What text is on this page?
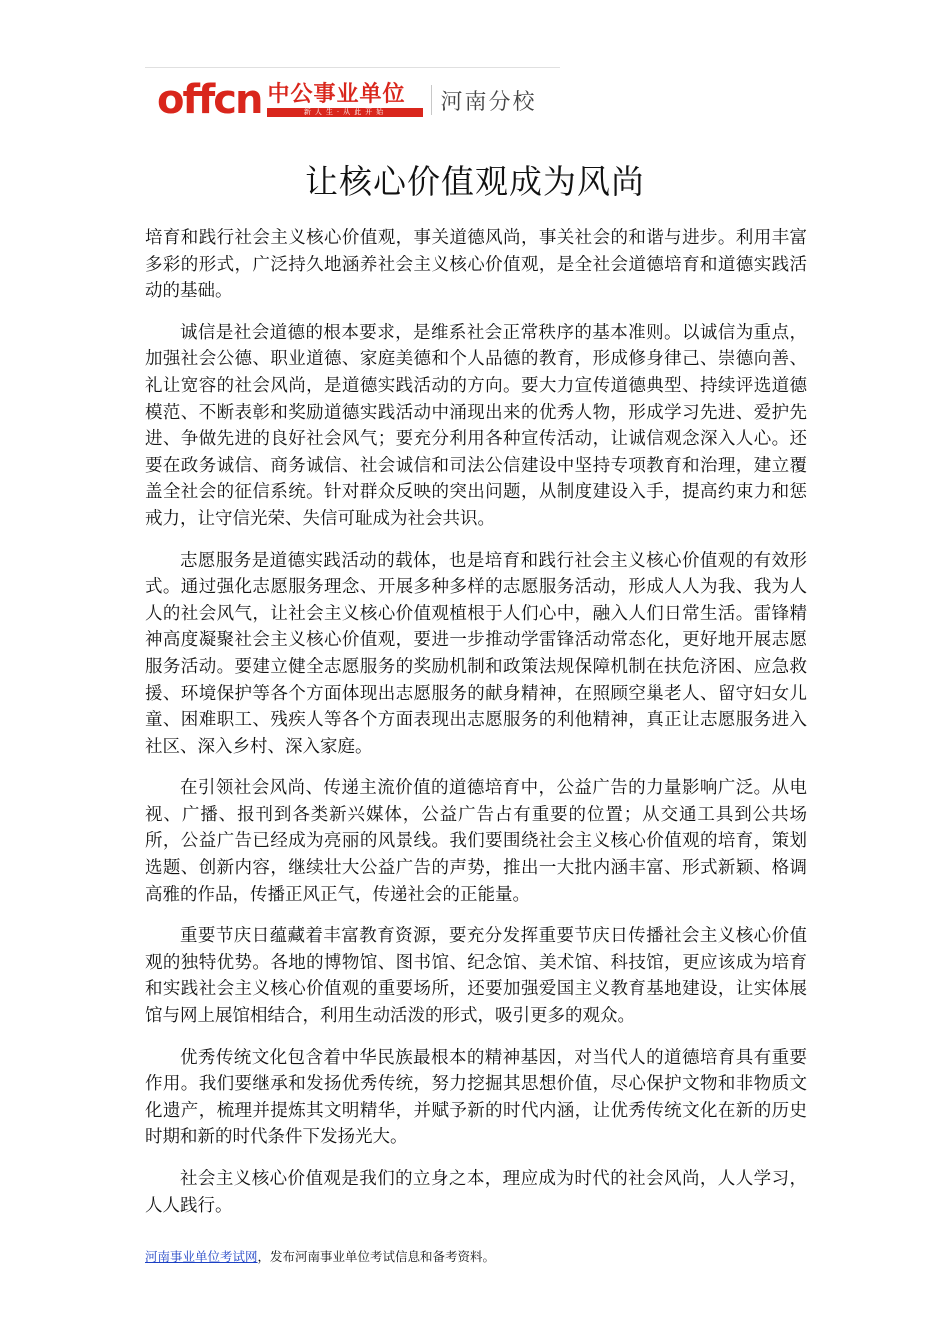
offcn 中公事业单位
新人生·从此开始	河南分校
让核心价值观成为风尚

培育和践行社会主义核心价值观，事关道德风尚，事关社会的和谐与进步。利用丰富多彩的形式，广泛持久地涵养社会主义核心价值观，是全社会道德培育和道德实践活动的基础。

诚信是社会道德的根本要求，是维系社会正常秩序的基本准则。以诚信为重点，加强社会公德、职业道德、家庭美德和个人品德的教育，形成修身律己、崇德向善、礼让宽容的社会风尚，是道德实践活动的方向。要大力宣传道德典型、持续评选道德模范、不断表彰和奖励道德实践活动中涌现出来的优秀人物，形成学习先进、爱护先进、争做先进的良好社会风气；要充分利用各种宣传活动，让诚信观念深入人心。还要在政务诚信、商务诚信、社会诚信和司法公信建设中坚持专项教育和治理，建立覆盖全社会的征信系统。针对群众反映的突出问题，从制度建设入手，提高约束力和惩戒力，让守信光荣、失信可耻成为社会共识。

志愿服务是道德实践活动的载体，也是培育和践行社会主义核心价值观的有效形式。通过强化志愿服务理念、开展多种多样的志愿服务活动，形成人人为我、我为人人的社会风气，让社会主义核心价值观植根于人们心中，融入人们日常生活。雷锋精神高度凝聚社会主义核心价值观，要进一步推动学雷锋活动常态化，更好地开展志愿服务活动。要建立健全志愿服务的奖励机制和政策法规保障机制在扶危济困、应急救援、环境保护等各个方面体现出志愿服务的献身精神，在照顾空巢老人、留守妇女儿童、困难职工、残疾人等各个方面表现出志愿服务的利他精神，真正让志愿服务进入社区、深入乡村、深入家庭。

在引领社会风尚、传递主流价值的道德培育中，公益广告的力量影响广泛。从电视、广播、报刊到各类新兴媒体，公益广告占有重要的位置；从交通工具到公共场所，公益广告已经成为亮丽的风景线。我们要围绕社会主义核心价值观的培育，策划选题、创新内容，继续壮大公益广告的声势，推出一大批内涵丰富、形式新颖、格调高雅的作品，传播正风正气，传递社会的正能量。

重要节庆日蕴藏着丰富教育资源，要充分发挥重要节庆日传播社会主义核心价值观的独特优势。各地的博物馆、图书馆、纪念馆、美术馆、科技馆，更应该成为培育和实践社会主义核心价值观的重要场所，还要加强爱国主义教育基地建设，让实体展馆与网上展馆相结合，利用生动活泼的形式，吸引更多的观众。

优秀传统文化包含着中华民族最根本的精神基因，对当代人的道德培育具有重要作用。我们要继承和发扬优秀传统，努力挖掘其思想价值，尽心保护文物和非物质文化遗产，梳理并提炼其文明精华，并赋予新的时代内涵，让优秀传统文化在新的历史时期和新的时代条件下发扬光大。

社会主义核心价值观是我们的立身之本，理应成为时代的社会风尚，人人学习，人人践行。

河南事业单位考试网，发布河南事业单位考试信息和备考资料。
